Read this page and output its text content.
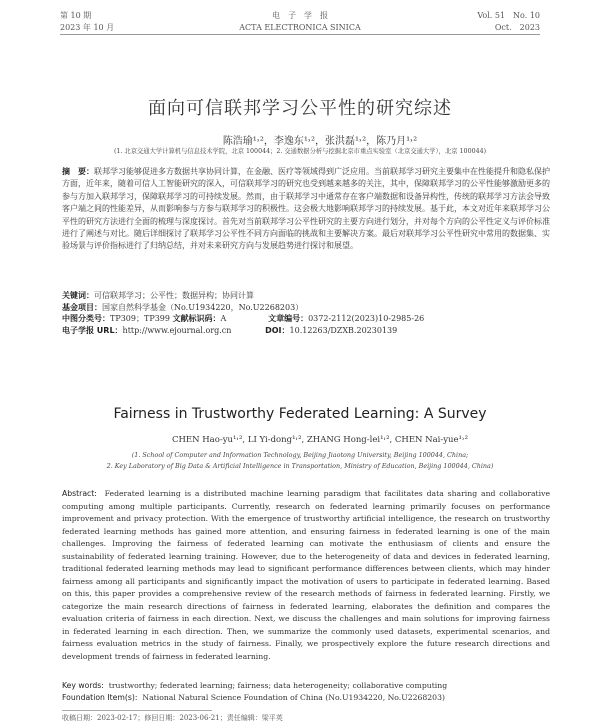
第 10 期
2023 年 10 月
电　子　学　报
ACTA ELECTRONICA SINICA
Vol. 51　No. 10
Oct.　2023
面向可信联邦学习公平性的研究综述
陈浩瑜¹˒²，李逸东¹˒²，张洪磊¹˒²，陈乃月¹˒²
(1. 北京交通大学计算机与信息技术学院，北京 100044；2. 交通数据分析与挖掘北京市重点实验室（北京交通大学），北京 100044)
摘　要：联邦学习能够促进多方数据共享协同计算，在金融、医疗等领域得到广泛应用。当前联邦学习研究主要集中在性能提升和隐私保护方面，近年来，随着可信人工智能研究的深入，可信联邦学习的研究也受到越来越多的关注，其中，保障联邦学习的公平性能够激励更多的参与方加入联邦学习，保障联邦学习的可持续发展。然而，由于联邦学习中通常存在客户端数据和设备异构性，传统的联邦学习方法会导致客户端之间的性能差异，从而影响参与方参与联邦学习的积极性。这会极大地影响联邦学习的持续发展。基于此，本文对近年来联邦学习公平性的研究方法进行全面的梳理与深度探讨。首先对当前联邦学习公平性研究的主要方向进行划分，并对每个方向的公平性定义与评价标准进行了阐述与对比。随后详细探讨了联邦学习公平性不同方向面临的挑战和主要解决方案。最后对联邦学习公平性研究中常用的数据集、实验场景与评价指标进行了归纳总结，并对未来研究方向与发展趋势进行探讨和展望。
关键词：可信联邦学习；公平性；数据异构；协同计算
基金项目：国家自然科学基金（No.U1934220，No.U2268203）
中图分类号：TP309；TP399 文献标识码：A	文章编号：0372-2112(2023)10-2985-26
电子学报 URL：http://www.ejournal.org.cn	DOI：10.12263/DZXB.20230139
Fairness in Trustworthy Federated Learning: A Survey
CHEN Hao-yu¹˒², LI Yi-dong¹˒², ZHANG Hong-lei¹˒², CHEN Nai-yue¹˒²
(1. School of Computer and Information Technology, Beijing Jiaotong University, Beijing 100044, China;
2. Key Laboratory of Big Data & Artificial Intelligence in Transportation, Ministry of Education, Beijing 100044, China)
Abstract: Federated learning is a distributed machine learning paradigm that facilitates data sharing and collaborative computing among multiple participants. Currently, research on federated learning primarily focuses on performance improvement and privacy protection. With the emergence of trustworthy artificial intelligence, the research on trustworthy federated learning methods has gained more attention, and ensuring fairness in federated learning is one of the main challenges. Improving the fairness of federated learning can motivate the enthusiasm of clients and ensure the sustainability of federated learning training. However, due to the heterogeneity of data and devices in federated learning, traditional federated learning methods may lead to significant performance differences between clients, which may hinder fairness among all participants and significantly impact the motivation of users to participate in federated learning. Based on this, this paper provides a comprehensive review of the research methods of fairness in federated learning. Firstly, we categorize the main research directions of fairness in federated learning, elaborates the definition and compares the evaluation criteria of fairness in each direction. Next, we discuss the challenges and main solutions for improving fairness in federated learning in each direction. Then, we summarize the commonly used datasets, experimental scenarios, and fairness evaluation metrics in the study of fairness. Finally, we prospectively explore the future research directions and development trends of fairness in federated learning.
Key words: trustworthy; federated learning; fairness; data heterogeneity; collaborative computing
Foundation Item(s): National Natural Science Foundation of China (No.U1934220, No.U2268203)
收稿日期：2023-02-17；修回日期：2023-06-21；责任编辑：梁平英
